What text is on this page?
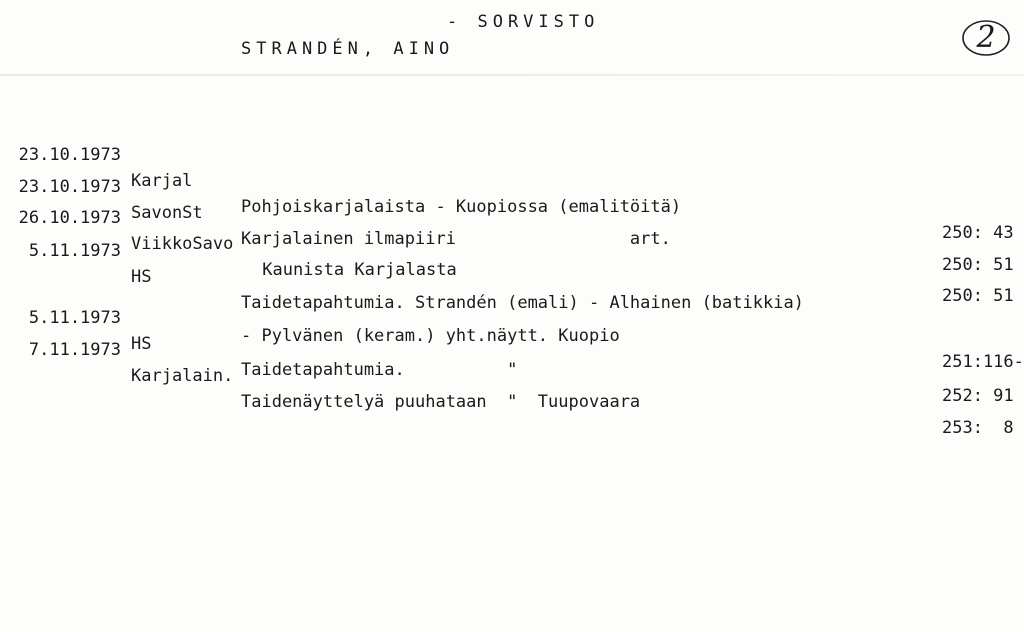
- SORVISTO
STRANDÉN, AINO	2

23.10.1973

Karjal

Pohjoiskarjalaista - Kuopiossa (emalitöitä)

250: 43

23.10.1973

SavonSt

Karjalainen ilmapiiri                 art.

250: 51

26.10.1973

ViikkoSavo

Kaunista Karjalasta

250: 51

5.11.1973

HS

Taidetapahtumia. Strandén (emali) - Alhainen (batikkia)

- Pylvänen (keram.) yht.näytt. Kuopio

251:116-

5.11.1973

HS

Taidetapahtumia.          "

252: 91

7.11.1973

Karjalain.

Taidenäyttelyä puuhataan  "  Tuupovaara

253:  8
